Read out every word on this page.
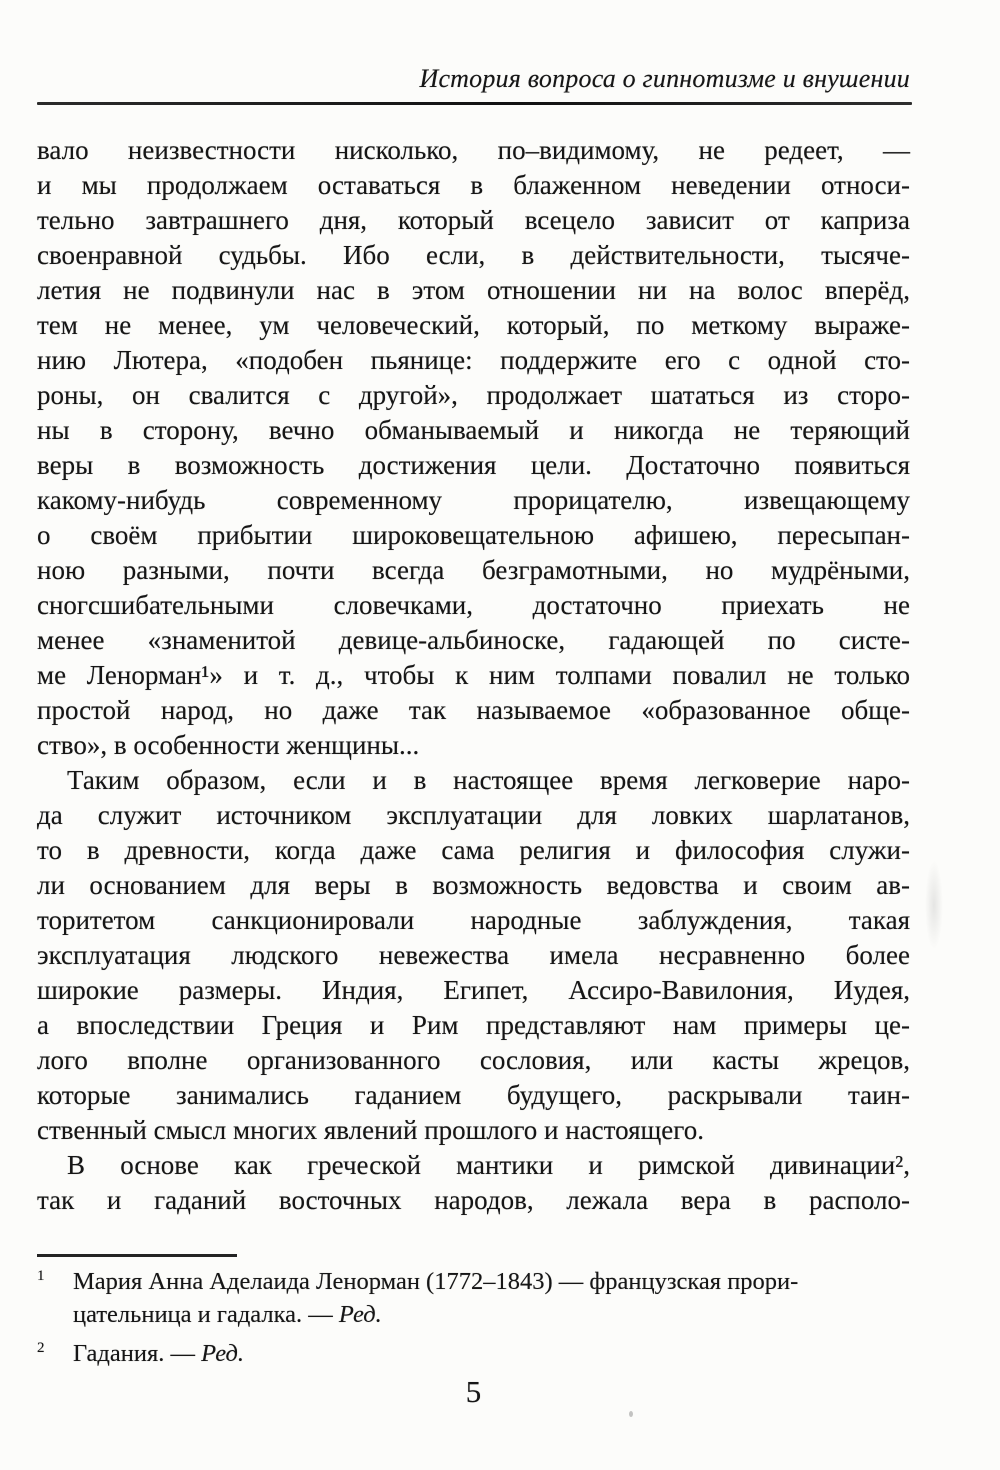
История вопроса о гипнотизме и внушении
вало неизвестности нисколько, по–видимому, не редеет, —
и мы продолжаем оставаться в блаженном неведении относи-
тельно завтрашнего дня, который всецело зависит от каприза
своенравной судьбы. Ибо если, в действительности, тысяче-
летия не подвинули нас в этом отношении ни на волос вперёд,
тем не менее, ум человеческий, который, по меткому выраже-
нию Лютера, «подобен пьянице: поддержите его с одной сто-
роны, он свалится с другой», продолжает шататься из сторо-
ны в сторону, вечно обманываемый и никогда не теряющий
веры в возможность достижения цели. Достаточно появиться
какому-нибудь современному прорицателю, извещающему
о своём прибытии широковещательною афишею, пересыпан-
ною разными, почти всегда безграмотными, но мудрёными,
сногсшибательными словечками, достаточно приехать не
менее «знаменитой девице-альбиноске, гадающей по систе-
ме Ленорман¹» и т. д., чтобы к ним толпами повалил не только
простой народ, но даже так называемое «образованное обще-
ство», в особенности женщины...
Таким образом, если и в настоящее время легковерие наро-
да служит источником эксплуатации для ловких шарлатанов,
то в древности, когда даже сама религия и философия служи-
ли основанием для веры в возможность ведовства и своим ав-
торитетом санкционировали народные заблуждения, такая
эксплуатация людского невежества имела несравненно более
широкие размеры. Индия, Египет, Ассиро-Вавилония, Иудея,
а впоследствии Греция и Рим представляют нам примеры це-
лого вполне организованного сословия, или касты жрецов,
которые занимались гаданием будущего, раскрывали таин-
ственный смысл многих явлений прошлого и настоящего.
В основе как греческой мантики и римской дивинации²,
так и гаданий восточных народов, лежала вера в располо-
1	Мария Анна Аделаида Ленорман (1772–1843) — французская прори-
цательница и гадалка. — Ред.
2	Гадания. — Ред.
5
